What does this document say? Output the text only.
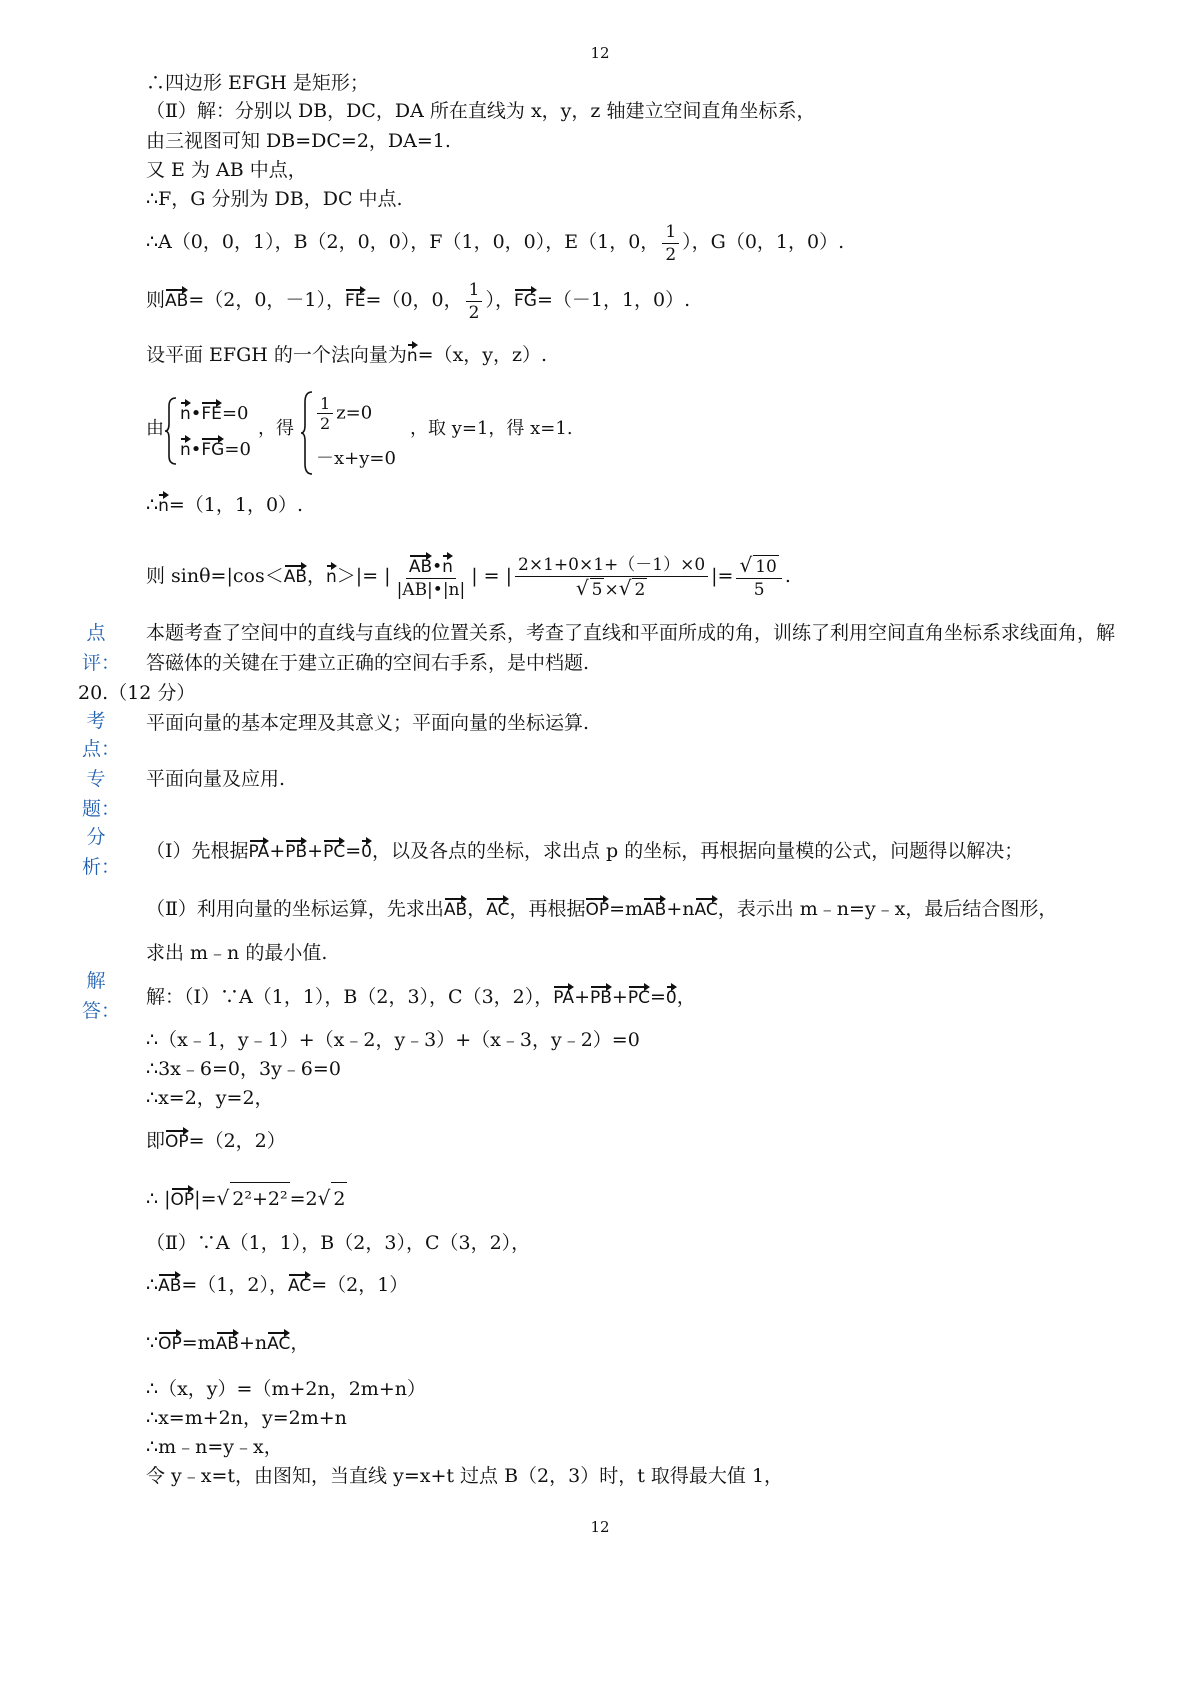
12
∴四边形 EFGH 是矩形；
（Ⅱ）解：分别以 DB，DC，DA 所在直线为 x，y，z 轴建立空间直角坐标系，
由三视图可知 DB=DC=2，DA=1.
又 E 为 AB 中点，
∴F，G 分别为 DB，DC 中点.
∴A（0，0，1），B（2，0，0），F（1，0，0），E（1，0， $\frac{1}{2}$ ），G（0，1，0）.
则AB=（2，0，－1），FE=（0，0， $\frac{1}{2}$ ），FG=（－1，1，0）.
设平面 EFGH 的一个法向量为n=（x，y，z）.
由
n•FE=0
n•FG=0
，得 $\frac{1}{2} z=0$
－x+y=0
，取 y=1，得 x=1.
∴n=（1，1，0）.
则 sinθ=|cos＜AB，n＞|= | $\frac{AB•n}{|AB|•|n|}$ | = | $\frac{2\times 1+0\times 1+(-1)\times 0}{√ 5 \times√ 2}$ |= $\frac{√ 10}{5}$ .
点
评：
本题考查了空间中的直线与直线的位置关系，考查了直线和平面所成的角，训练了利用空间直角坐标系求线面角，解答磁体的关键在于建立正确的空间右手系，是中档题.
20.（12 分）
考
点：
平面向量的基本定理及其意义；平面向量的坐标运算.
专
题：
平面向量及应用.
分
析：
（Ⅰ）先根据PA+PB+PC=0，以及各点的坐标，求出点 p 的坐标，再根据向量模的公式，问题得以解决；
（Ⅱ）利用向量的坐标运算，先求出AB，AC，再根据OP=mAB+nAC，表示出 m﹣n=y﹣x，最后结合图形，
求出 m﹣n 的最小值.
解
答：
解：（Ⅰ）∵A（1，1），B（2，3），C（3，2），PA+PB+PC=0，
∴（x﹣1，y﹣1）+（x﹣2，y﹣3）+（x﹣3，y﹣2）=0
∴3x﹣6=0，3y﹣6=0
∴x=2，y=2，
即OP=（2，2）
∴ |OP|=√ 2²+2² =2√ 2
（Ⅱ）∵A（1，1），B（2，3），C（3，2），
∴AB=（1，2），AC=（2，1）
∵OP=mAB+nAC，
∴（x，y）=（m+2n，2m+n）
∴x=m+2n，y=2m+n
∴m﹣n=y﹣x，
令 y﹣x=t，由图知，当直线 y=x+t 过点 B（2，3）时，t 取得最大值 1，
12
